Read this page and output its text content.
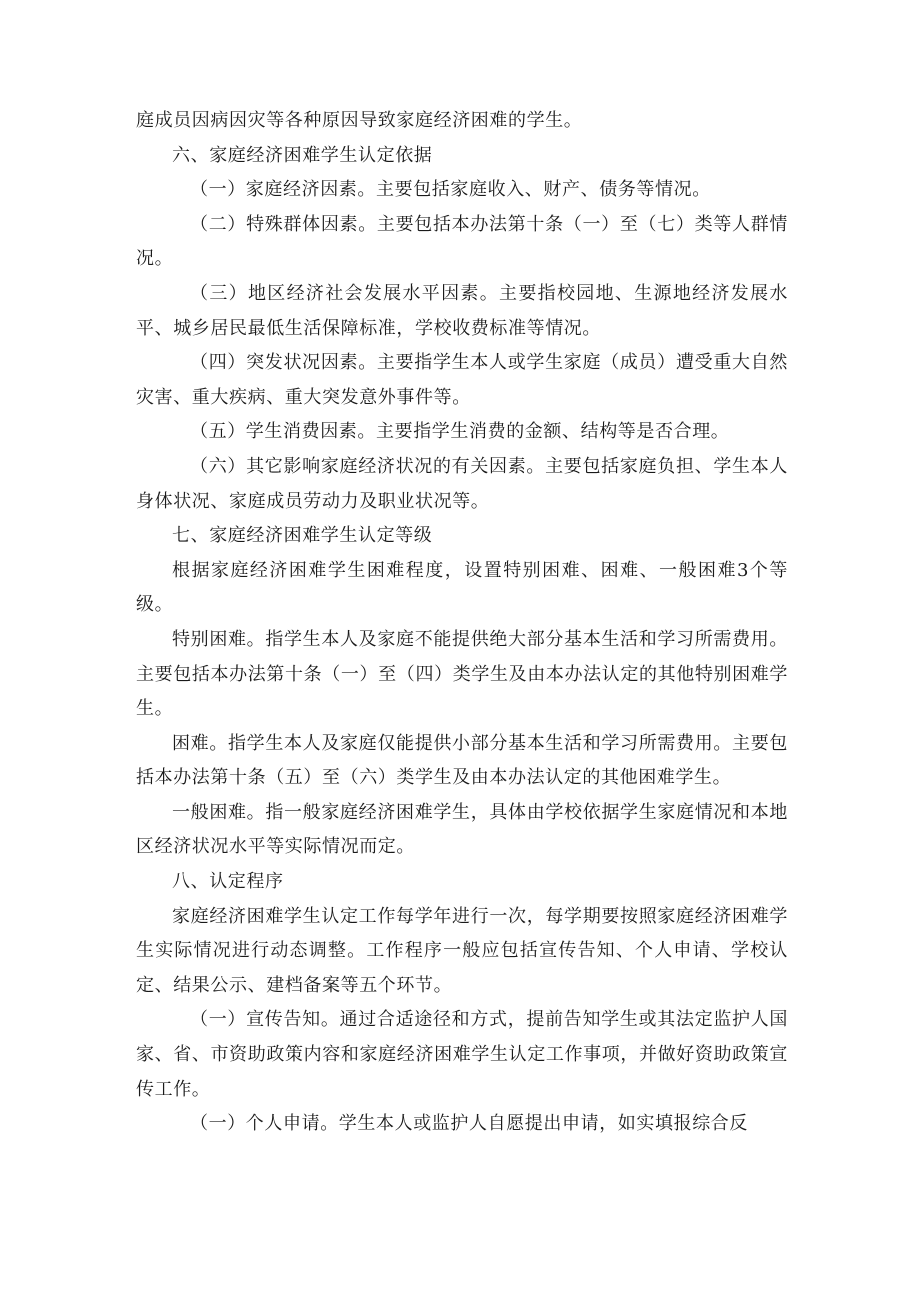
庭成员因病因灾等各种原因导致家庭经济困难的学生。

六、家庭经济困难学生认定依据

（一）家庭经济因素。主要包括家庭收入、财产、债务等情况。

（二）特殊群体因素。主要包括本办法第十条（一）至（七）类等人群情况。

（三）地区经济社会发展水平因素。主要指校园地、生源地经济发展水平、城乡居民最低生活保障标准，学校收费标准等情况。

（四）突发状况因素。主要指学生本人或学生家庭（成员）遭受重大自然灾害、重大疾病、重大突发意外事件等。

（五）学生消费因素。主要指学生消费的金额、结构等是否合理。

（六）其它影响家庭经济状况的有关因素。主要包括家庭负担、学生本人身体状况、家庭成员劳动力及职业状况等。

七、家庭经济困难学生认定等级

根据家庭经济困难学生困难程度，设置特别困难、困难、一般困难3个等级。

特别困难。指学生本人及家庭不能提供绝大部分基本生活和学习所需费用。主要包括本办法第十条（一）至（四）类学生及由本办法认定的其他特别困难学生。

困难。指学生本人及家庭仅能提供小部分基本生活和学习所需费用。主要包括本办法第十条（五）至（六）类学生及由本办法认定的其他困难学生。

一般困难。指一般家庭经济困难学生，具体由学校依据学生家庭情况和本地区经济状况水平等实际情况而定。

八、认定程序

家庭经济困难学生认定工作每学年进行一次，每学期要按照家庭经济困难学生实际情况进行动态调整。工作程序一般应包括宣传告知、个人申请、学校认定、结果公示、建档备案等五个环节。

（一）宣传告知。通过合适途径和方式，提前告知学生或其法定监护人国家、省、市资助政策内容和家庭经济困难学生认定工作事项，并做好资助政策宣传工作。

（一）个人申请。学生本人或监护人自愿提出申请，如实填报综合反
